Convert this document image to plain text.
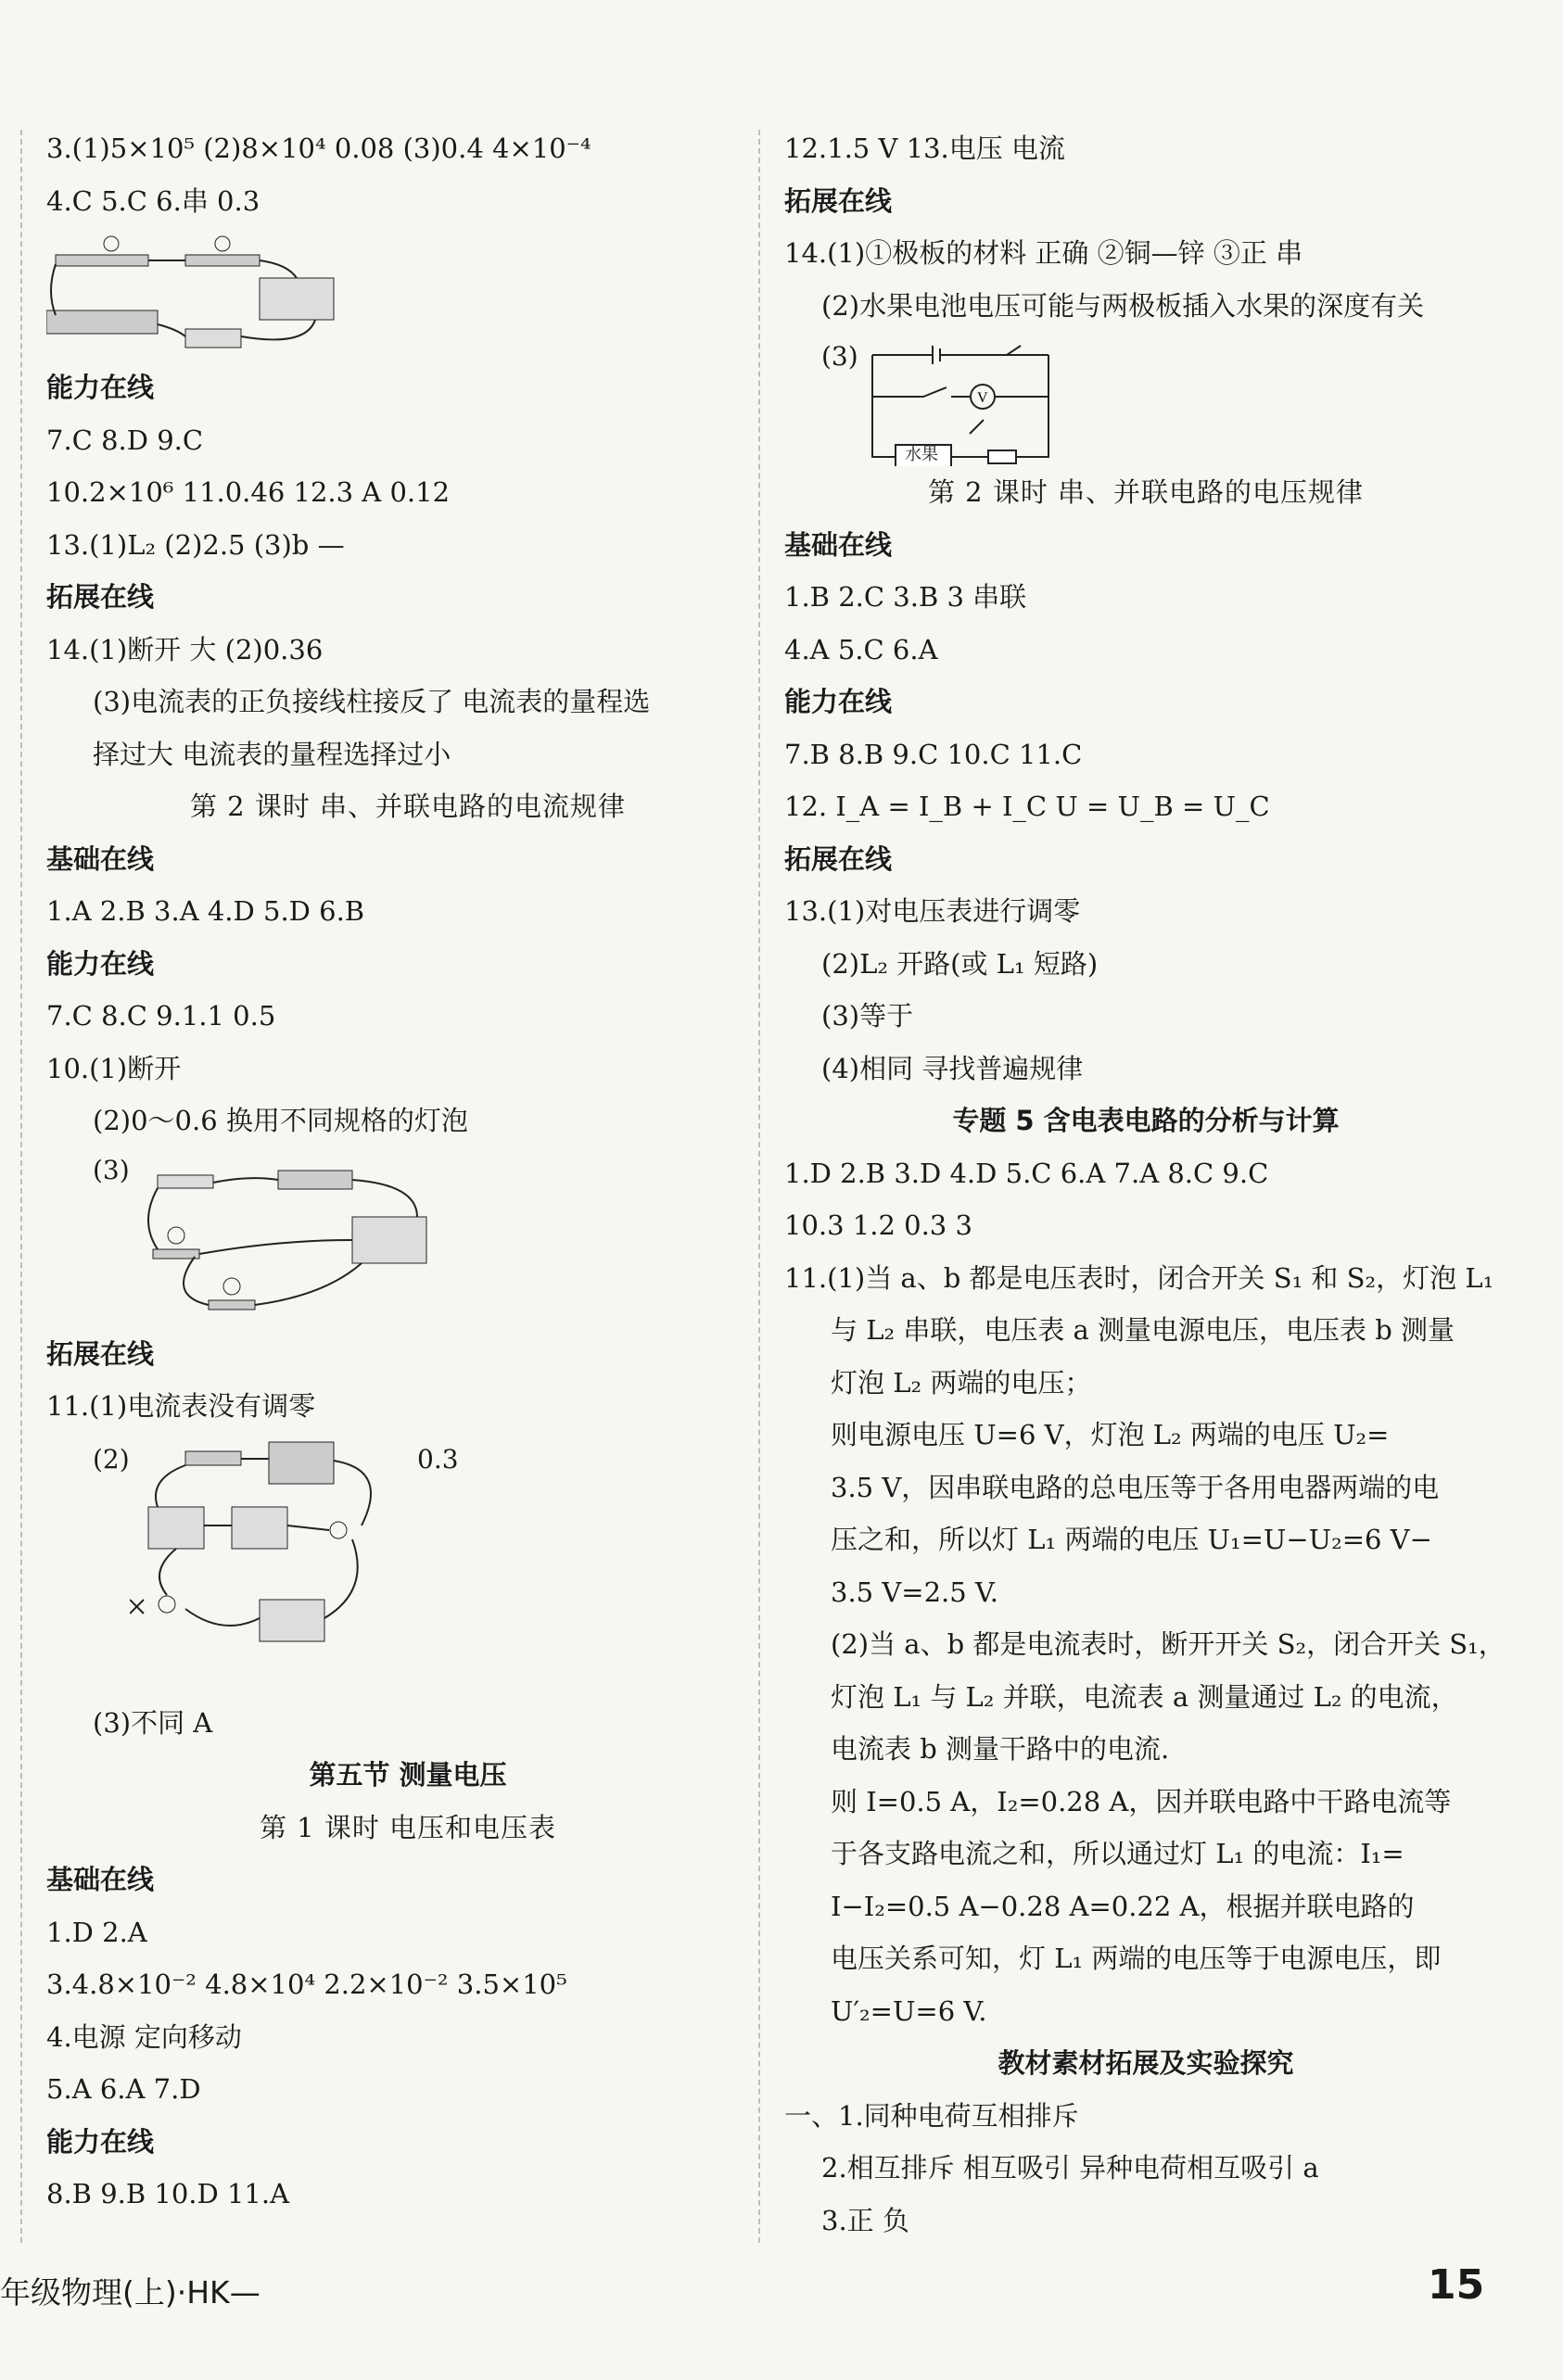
3.(1)5×10⁵ (2)8×10⁴ 0.08 (3)0.4 4×10⁻⁴
4.C 5.C 6.串 0.3
能力在线
7.C 8.D 9.C
10.2×10⁶ 11.0.46 12.3 A 0.12
13.(1)L₂ (2)2.5 (3)b —
拓展在线
14.(1)断开 大 (2)0.36
(3)电流表的正负接线柱接反了 电流表的量程选
择过大 电流表的量程选择过小
第 2 课时 串、并联电路的电流规律
基础在线
1.A 2.B 3.A 4.D 5.D 6.B
能力在线
7.C 8.C 9.1.1 0.5
10.(1)断开
(2)0～0.6 换用不同规格的灯泡
(3)
拓展在线
11.(1)电流表没有调零
(2)	0.3
(3)不同 A
第五节 测量电压
第 1 课时 电压和电压表
基础在线
1.D 2.A
3.4.8×10⁻² 4.8×10⁴ 2.2×10⁻² 3.5×10⁵
4.电源 定向移动
5.A 6.A 7.D
能力在线
8.B 9.B 10.D 11.A
12.1.5 V 13.电压 电流
拓展在线
14.(1)①极板的材料 正确 ②铜—锌 ③正 串
(2)水果电池电压可能与两极板插入水果的深度有关
(3)
V
水果
第 2 课时 串、并联电路的电压规律
基础在线
1.B 2.C 3.B 3 串联
4.A 5.C 6.A
能力在线
7.B 8.B 9.C 10.C 11.C
12. I_A = I_B + I_C U = U_B = U_C
拓展在线
13.(1)对电压表进行调零
(2)L₂ 开路(或 L₁ 短路)
(3)等于
(4)相同 寻找普遍规律
专题 5 含电表电路的分析与计算
1.D 2.B 3.D 4.D 5.C 6.A 7.A 8.C 9.C
10.3 1.2 0.3 3
11.(1)当 a、b 都是电压表时，闭合开关 S₁ 和 S₂，灯泡 L₁
与 L₂ 串联，电压表 a 测量电源电压，电压表 b 测量
灯泡 L₂ 两端的电压；
则电源电压 U=6 V，灯泡 L₂ 两端的电压 U₂=
3.5 V，因串联电路的总电压等于各用电器两端的电
压之和，所以灯 L₁ 两端的电压 U₁=U−U₂=6 V−
3.5 V=2.5 V.
(2)当 a、b 都是电流表时，断开开关 S₂，闭合开关 S₁，
灯泡 L₁ 与 L₂ 并联，电流表 a 测量通过 L₂ 的电流，
电流表 b 测量干路中的电流.
则 I=0.5 A，I₂=0.28 A，因并联电路中干路电流等
于各支路电流之和，所以通过灯 L₁ 的电流：I₁=
I−I₂=0.5 A−0.28 A=0.22 A，根据并联电路的
电压关系可知，灯 L₁ 两端的电压等于电源电压，即
U′₂=U=6 V.
教材素材拓展及实验探究
一、1.同种电荷互相排斥
2.相互排斥 相互吸引 异种电荷相互吸引 a
3.正 负
年级物理(上)·HK—	15
